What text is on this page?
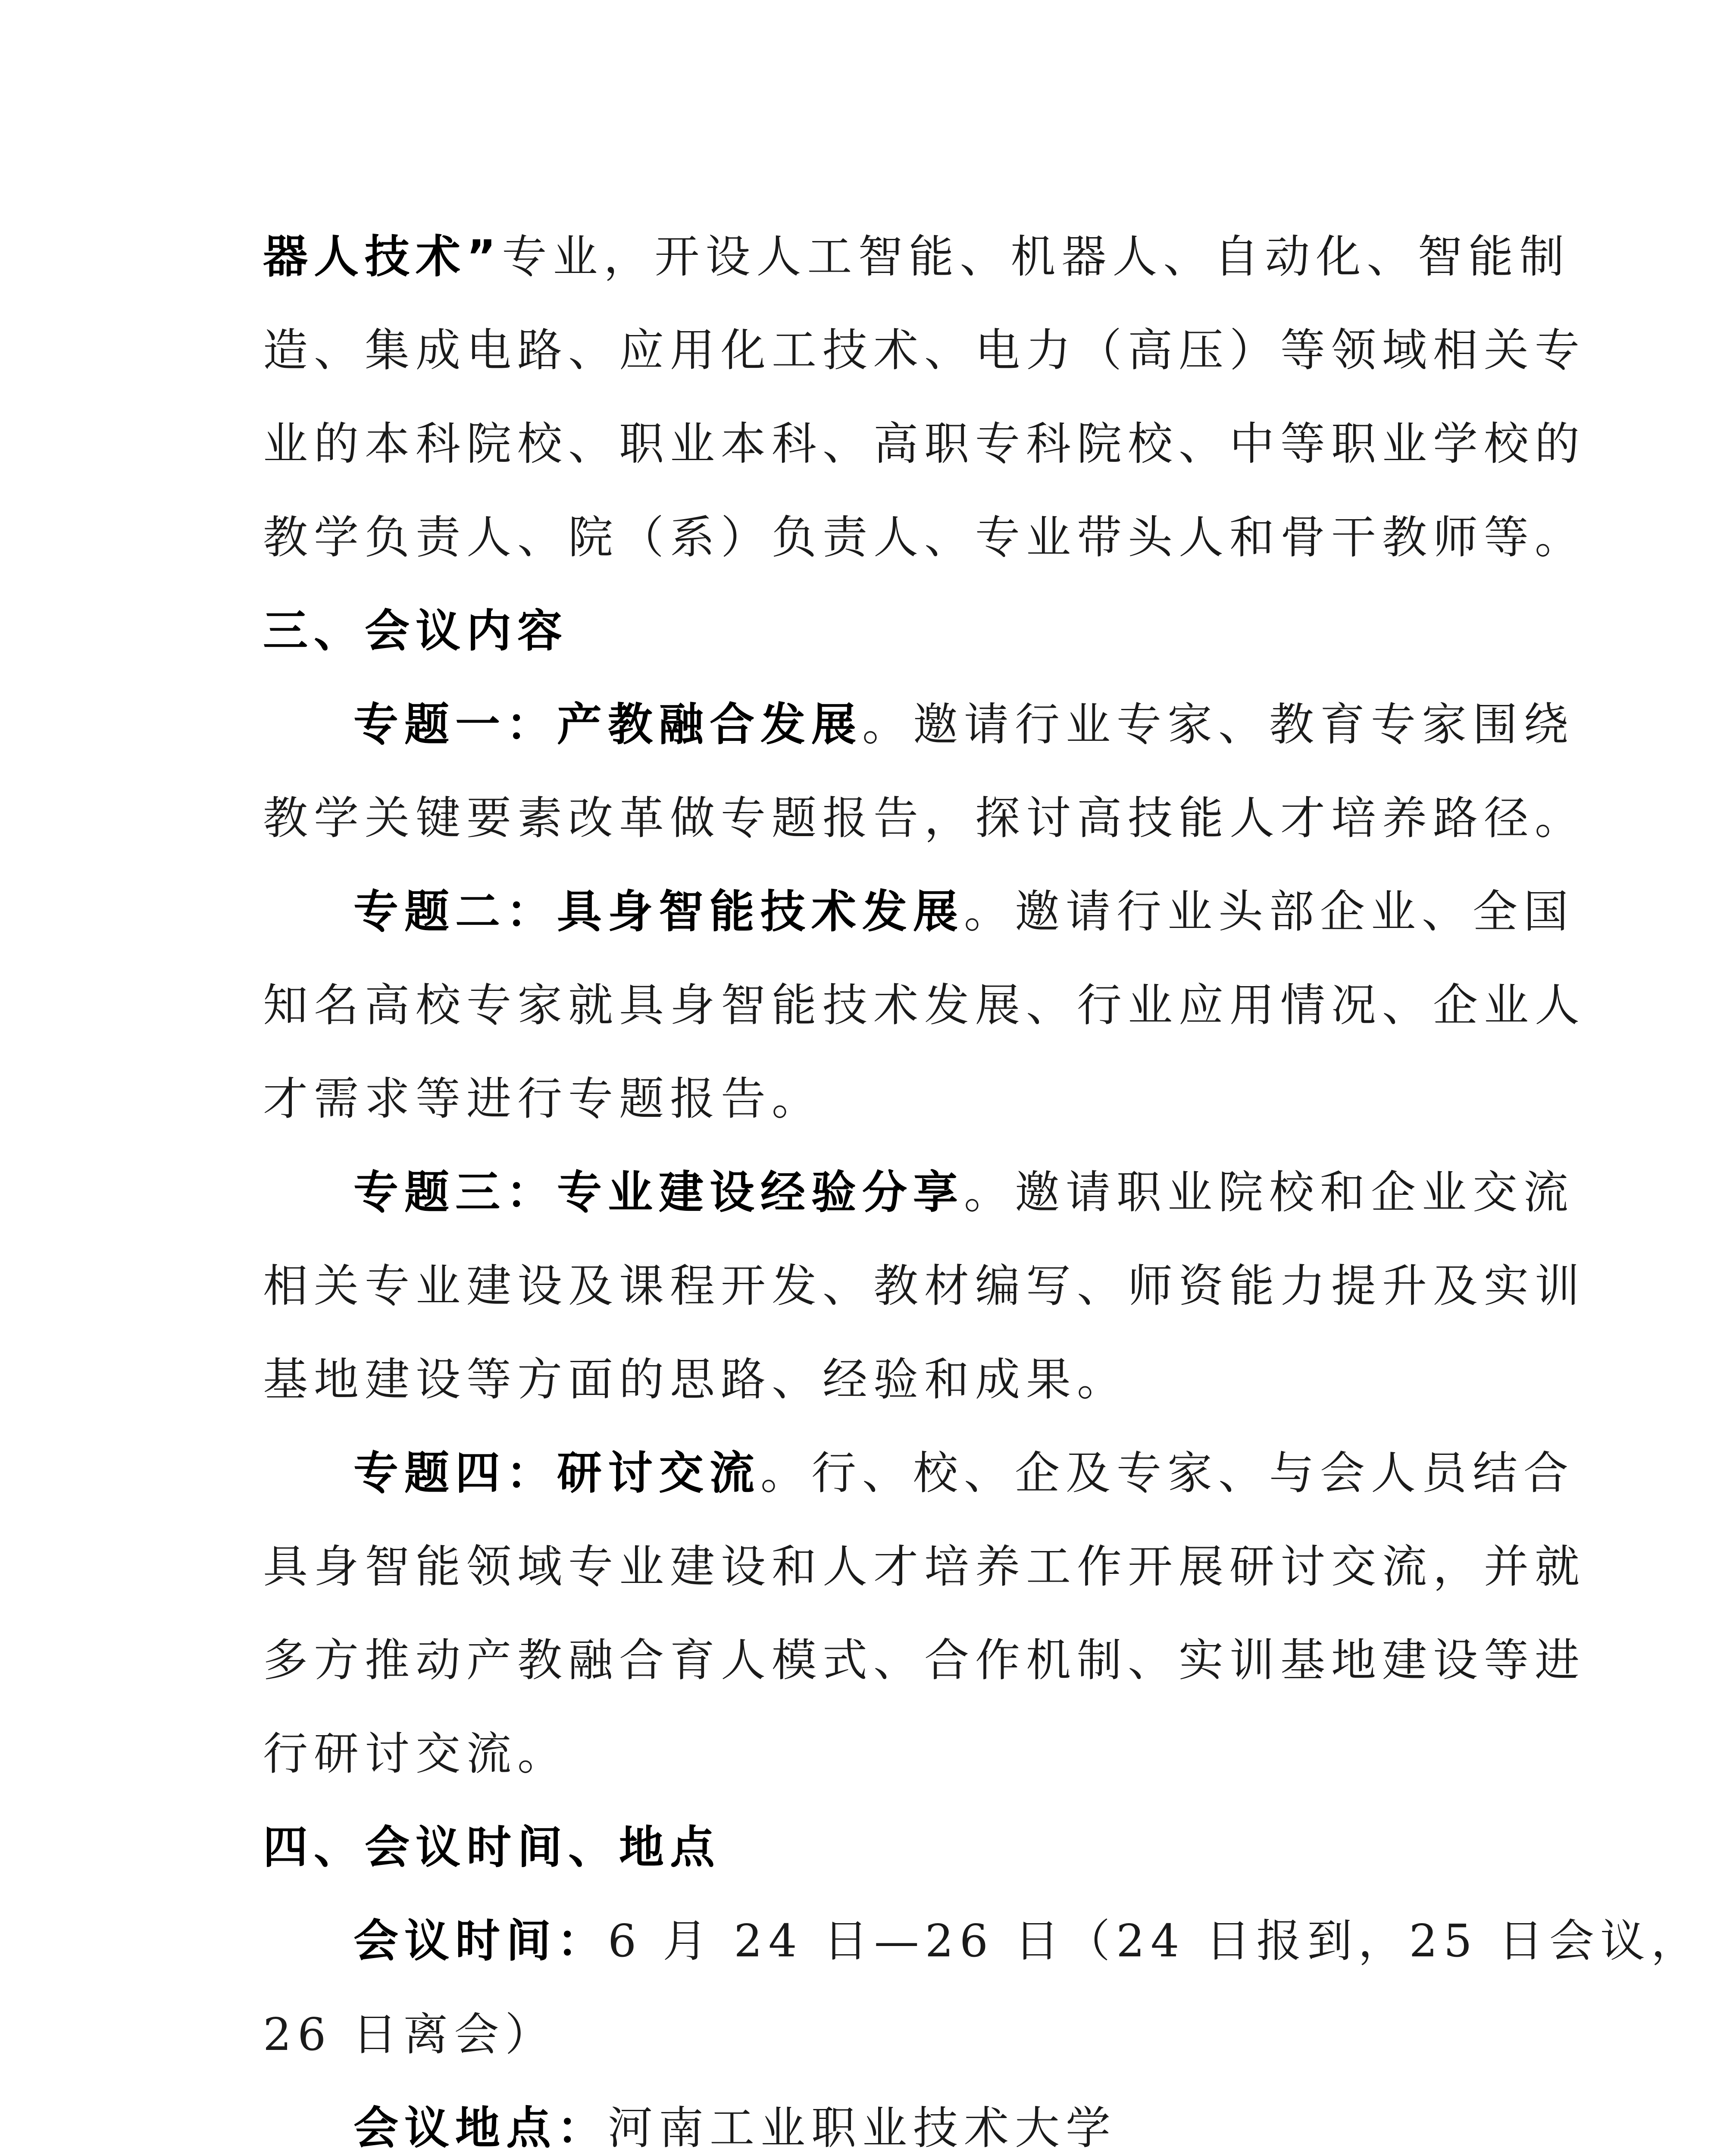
器人技术”专业，开设人工智能、机器人、自动化、智能制
造、集成电路、应用化工技术、电力（高压）等领域相关专
业的本科院校、职业本科、高职专科院校、中等职业学校的
教学负责人、院（系）负责人、专业带头人和骨干教师等。
三、会议内容
专题一：产教融合发展。邀请行业专家、教育专家围绕
教学关键要素改革做专题报告，探讨高技能人才培养路径。
专题二：具身智能技术发展。邀请行业头部企业、全国
知名高校专家就具身智能技术发展、行业应用情况、企业人
才需求等进行专题报告。
专题三：专业建设经验分享。邀请职业院校和企业交流
相关专业建设及课程开发、教材编写、师资能力提升及实训
基地建设等方面的思路、经验和成果。
专题四：研讨交流。行、校、企及专家、与会人员结合
具身智能领域专业建设和人才培养工作开展研讨交流，并就
多方推动产教融合育人模式、合作机制、实训基地建设等进
行研讨交流。
四、会议时间、地点
会议时间：6 月 24 日—26 日（24 日报到，25 日会议，
26 日离会）
会议地点：河南工业职业技术大学
